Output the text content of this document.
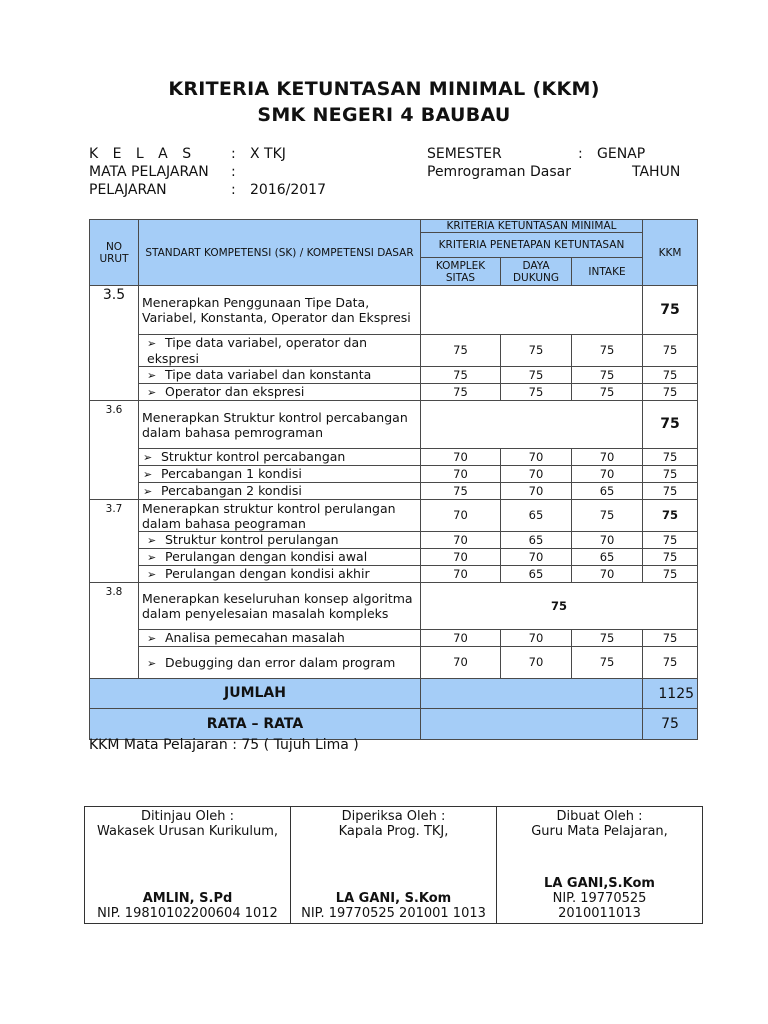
KRITERIA KETUNTASAN MINIMAL (KKM)
SMK NEGERI 4 BAUBAU
K E L A S : X TKJ
MATA PELAJARAN :
PELAJARAN	: 2016/2017
SEMESTER	: GENAP
Pemrograman Dasar	TAHUN
NO URUT	STANDART KOMPETENSI (SK) / KOMPETENSI DASAR	KRITERIA KETUNTASAN MINIMAL			KKM
		KRITERIA PENETAPAN KETUNTASAN			
		KOMPLEK SITAS	DAYA DUKUNG	INTAKE	
3.5	Menerapkan Penggunaan Tipe Data, Variabel, Konstanta, Operator dan Ekspresi				75
	➢ Tipe data variabel, operator dan ekspresi	75	75	75	75
	➢ Tipe data variabel dan konstanta	75	75	75	75
	➢ Operator dan ekspresi	75	75	75	75
3.6	Menerapkan Struktur kontrol percabangan dalam bahasa pemrograman				75
	➢ Struktur kontrol percabangan	70	70	70	75
	➢ Percabangan 1 kondisi	70	70	70	75
	➢ Percabangan 2 kondisi	75	70	65	75
3.7	Menerapkan struktur kontrol perulangan dalam bahasa peograman	70	65	75	75
	➢ Struktur kontrol perulangan	70	65	70	75
	➢ Perulangan dengan kondisi awal	70	70	65	75
	➢ Perulangan dengan kondisi akhir	70	65	70	75
3.8	Menerapkan keseluruhan konsep algoritma dalam penyelesaian masalah kompleks	75			
	➢ Analisa pemecahan masalah	70	70	75	75
	➢ Debugging dan error dalam program	70	70	75	75
JUMLAH					1125
RATA – RATA					75
KKM Mata Pelajaran : 75 ( Tujuh Lima )
Ditinjau Oleh :
Wakasek Urusan Kurikulum,
AMLIN, S.Pd
NIP. 19810102200604 1012

Diperiksa Oleh :
Kapala Prog. TKJ,
LA GANI, S.Kom
NIP. 19770525 201001 1013

Dibuat Oleh :
Guru Mata Pelajaran,
LA GANI,S.Kom
NIP. 19770525 2010011013
